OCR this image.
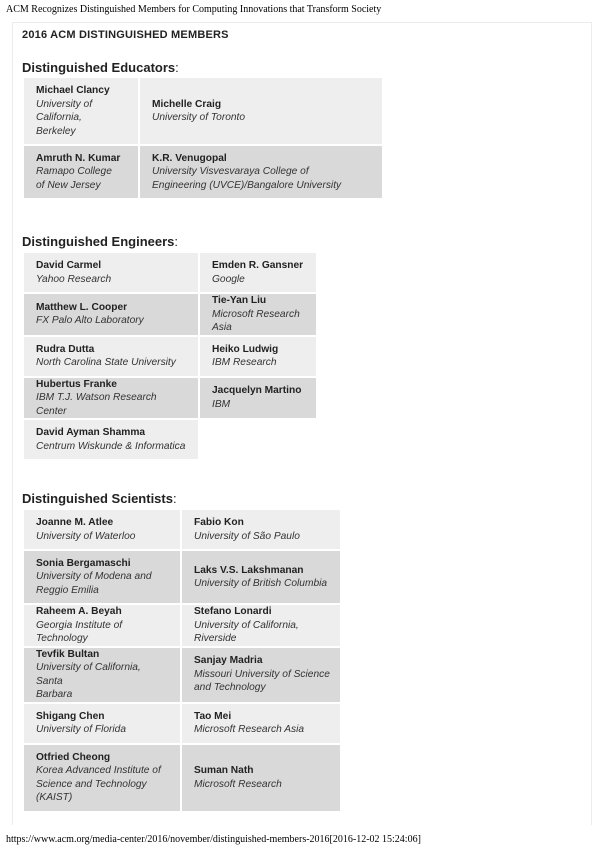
ACM Recognizes Distinguished Members for Computing Innovations that Transform Society
2016 ACM DISTINGUISHED MEMBERS
Distinguished Educators:
Michael Clancy
University of
California,
Berkeley	Michelle Craig
University of Toronto

Amruth N. Kumar
Ramapo College
of New Jersey	K.R. Venugopal
University Visvesvaraya College of
Engineering (UVCE)/Bangalore University
Distinguished Engineers:
David Carmel
Yahoo Research	Emden R. Gansner
Google

Matthew L. Cooper
FX Palo Alto Laboratory	Tie-Yan Liu
Microsoft Research Asia

Rudra Dutta
North Carolina State University	Heiko Ludwig
IBM Research

Hubertus Franke
IBM T.J. Watson Research Center	Jacquelyn Martino
IBM

David Ayman Shamma
Centrum Wiskunde & Informatica	

Distinguished Scientists:
Joanne M. Atlee
University of Waterloo	Fabio Kon
University of São Paulo

Sonia Bergamaschi
University of Modena and
Reggio Emilia	Laks V.S. Lakshmanan
University of British Columbia

Raheem A. Beyah
Georgia Institute of Technology	Stefano Lonardi
University of California, Riverside

Tevfik Bultan
University of California, Santa
Barbara	Sanjay Madria
Missouri University of Science
and Technology

Shigang Chen
University of Florida	Tao Mei
Microsoft Research Asia

Otfried Cheong
Korea Advanced Institute of
Science and Technology
(KAIST)	Suman Nath
Microsoft Research
https://www.acm.org/media-center/2016/november/distinguished-members-2016[2016-12-02 15:24:06]
